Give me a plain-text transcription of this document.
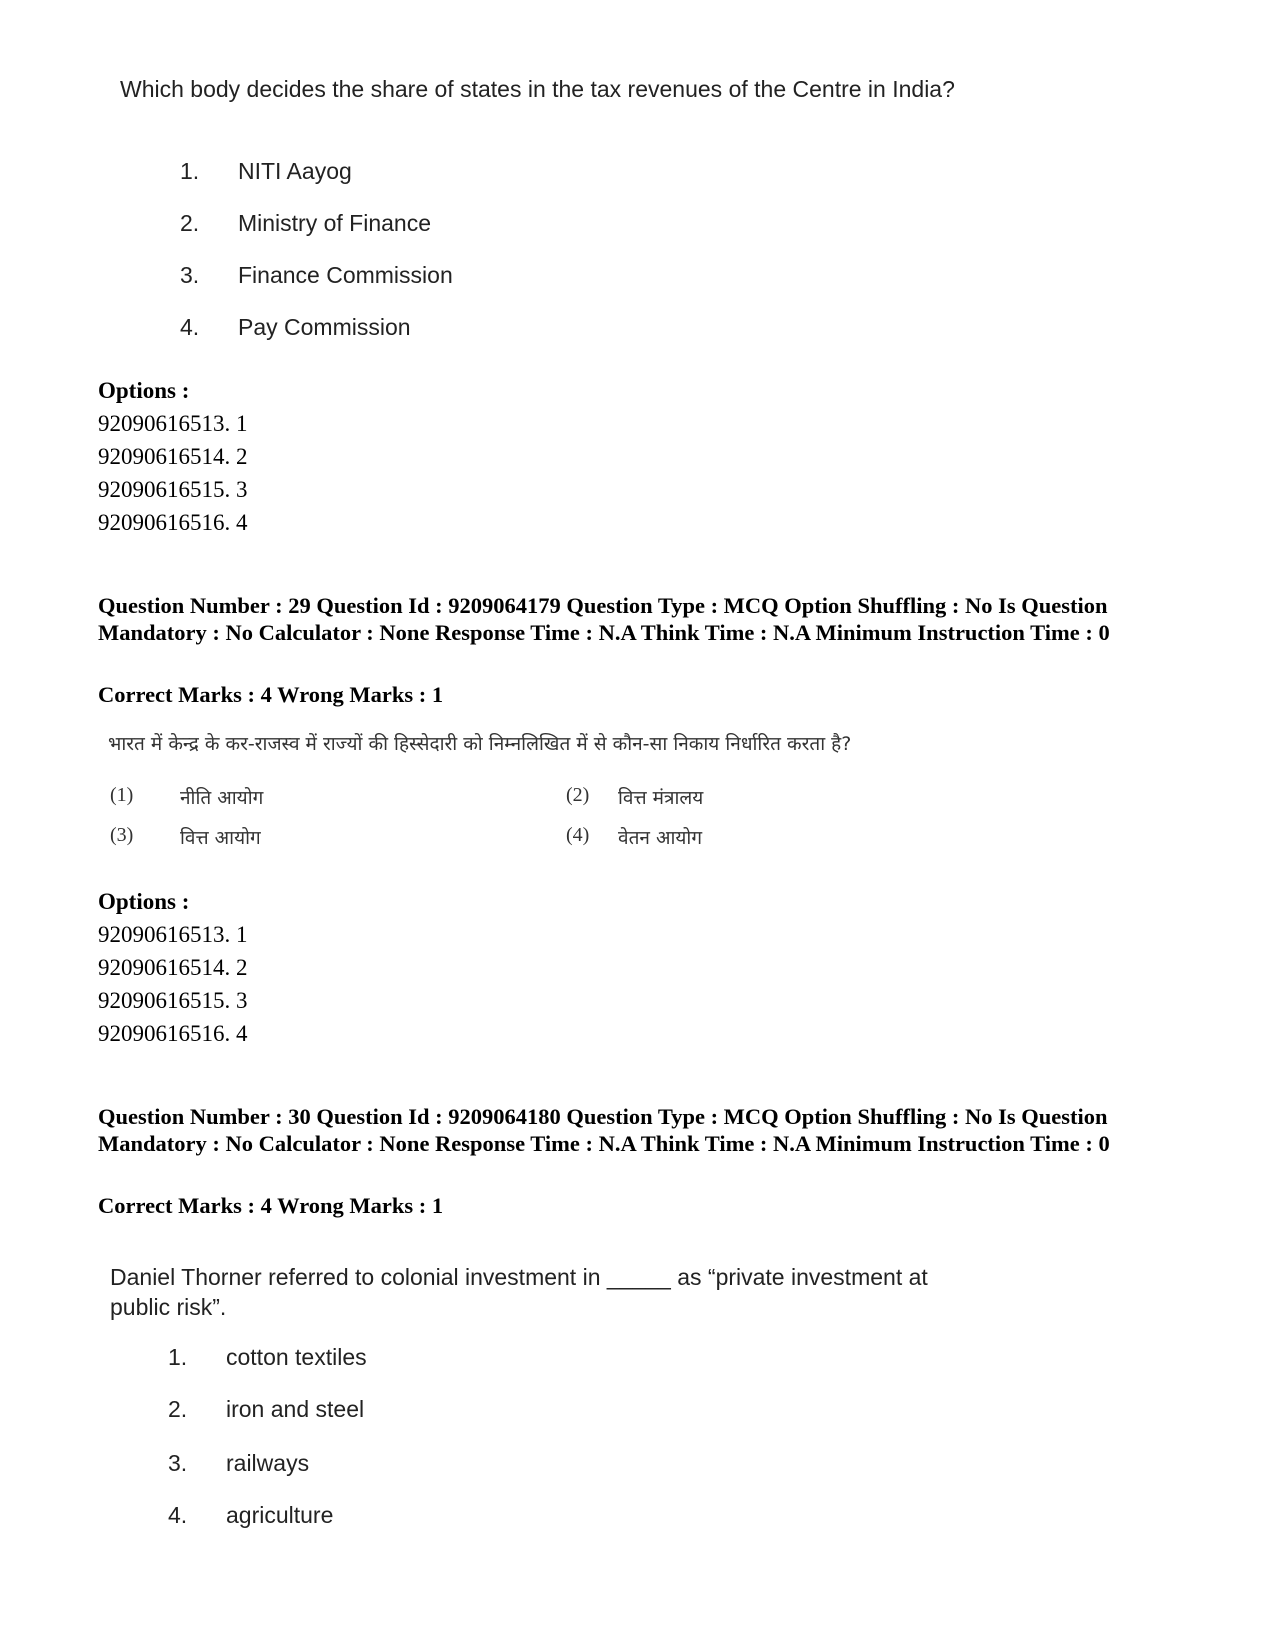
Which body decides the share of states in the tax revenues of the Centre in India?
1. NITI Aayog
2. Ministry of Finance
3. Finance Commission
4. Pay Commission
Options :
92090616513. 1
92090616514. 2
92090616515. 3
92090616516. 4
Question Number : 29 Question Id : 9209064179 Question Type : MCQ Option Shuffling : No Is Question Mandatory : No Calculator : None Response Time : N.A Think Time : N.A Minimum Instruction Time : 0
Correct Marks : 4 Wrong Marks : 1
भारत में केन्द्र के कर-राजस्व में राज्यों की हिस्सेदारी को निम्नलिखित में से कौन-सा निकाय निर्धारित करता है?
(1) नीति आयोग	(2) वित्त मंत्रालय
(3) वित्त आयोग	(4) वेतन आयोग
Options :
92090616513. 1
92090616514. 2
92090616515. 3
92090616516. 4
Question Number : 30 Question Id : 9209064180 Question Type : MCQ Option Shuffling : No Is Question Mandatory : No Calculator : None Response Time : N.A Think Time : N.A Minimum Instruction Time : 0
Correct Marks : 4 Wrong Marks : 1
Daniel Thorner referred to colonial investment in _____ as “private investment at public risk”.
1. cotton textiles
2. iron and steel
3. railways
4. agriculture
